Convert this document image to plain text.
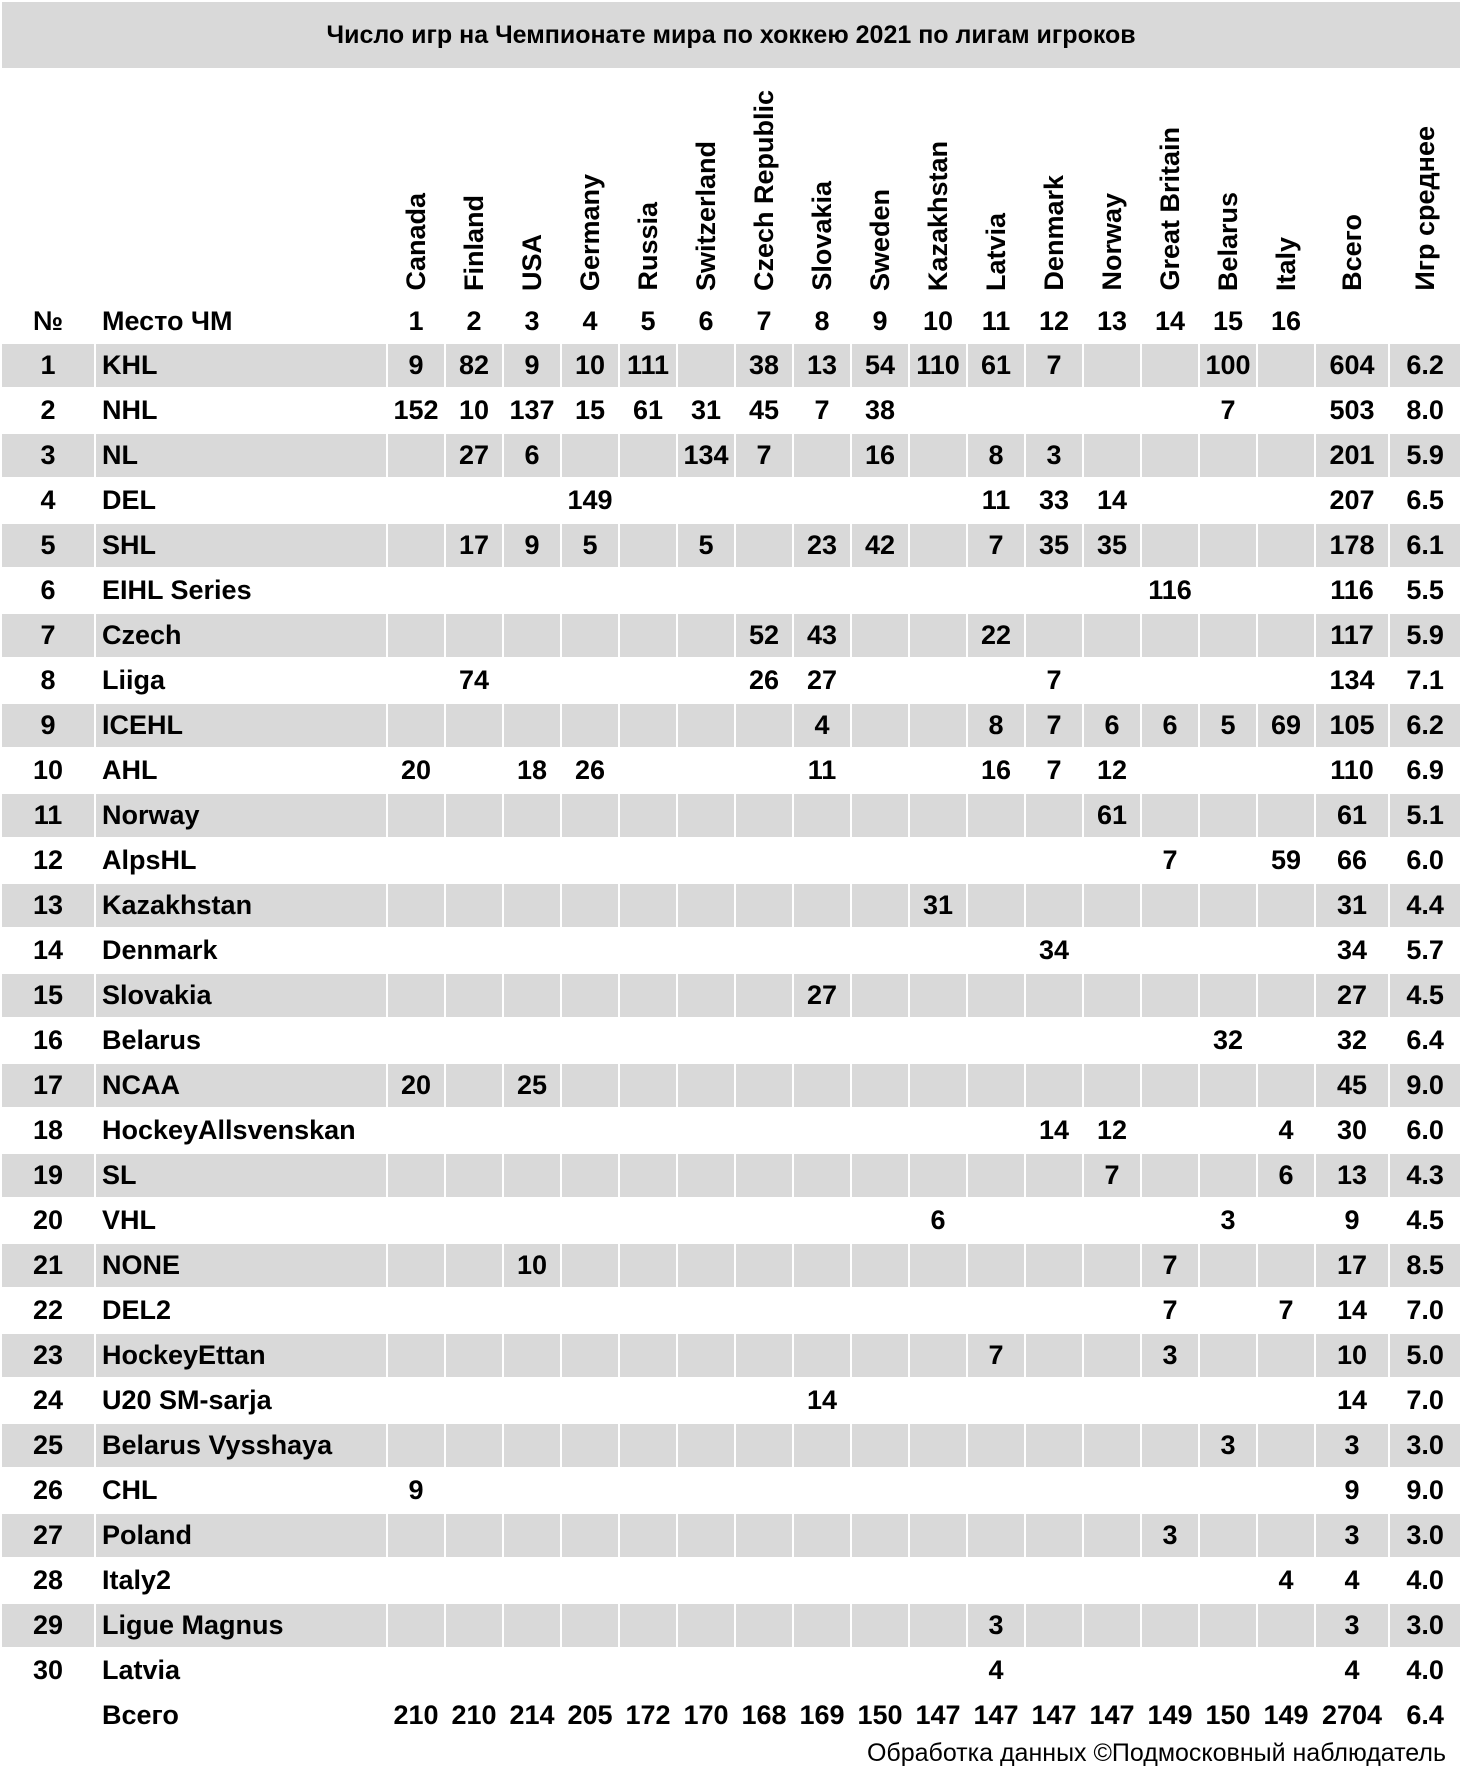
Число игр на Чемпионате мира по хоккею 2021 по лигам игроков																			
		Canada	Finland	USA	Germany	Russia	Switzerland	Czech Republic	Slovakia	Sweden	Kazakhstan	Latvia	Denmark	Norway	Great Britain	Belarus	Italy	Всего	Игр среднее
№	Место ЧМ	1	2	3	4	5	6	7	8	9	10	11	12	13	14	15	16		
1	KHL	9	82	9	10	111		38	13	54	110	61	7			100		604	6.2
2	NHL	152	10	137	15	61	31	45	7	38						7		503	8.0
3	NL		27	6			134	7		16		8	3					201	5.9
4	DEL				149							11	33	14				207	6.5
5	SHL		17	9	5		5		23	42		7	35	35				178	6.1
6	EIHL Series														116			116	5.5
7	Czech							52	43			22						117	5.9
8	Liiga		74					26	27				7					134	7.1
9	ICEHL								4			8	7	6	6	5	69	105	6.2
10	AHL	20		18	26				11			16	7	12				110	6.9
11	Norway													61				61	5.1
12	AlpsHL														7		59	66	6.0
13	Kazakhstan										31							31	4.4
14	Denmark												34					34	5.7
15	Slovakia								27									27	4.5
16	Belarus															32		32	6.4
17	NCAA	20		25														45	9.0
18	HockeyAllsvenskan												14	12			4	30	6.0
19	SL													7			6	13	4.3
20	VHL										6					3		9	4.5
21	NONE			10											7			17	8.5
22	DEL2														7		7	14	7.0
23	HockeyEttan											7			3			10	5.0
24	U20 SM-sarja								14									14	7.0
25	Belarus Vysshaya															3		3	3.0
26	CHL	9																9	9.0
27	Poland														3			3	3.0
28	Italy2																4	4	4.0
29	Ligue Magnus											3						3	3.0
30	Latvia											4						4	4.0
	Всего	210	210	214	205	172	170	168	169	150	147	147	147	147	149	150	149	2704	6.4
Обработка данных ©Подмосковный наблюдатель
